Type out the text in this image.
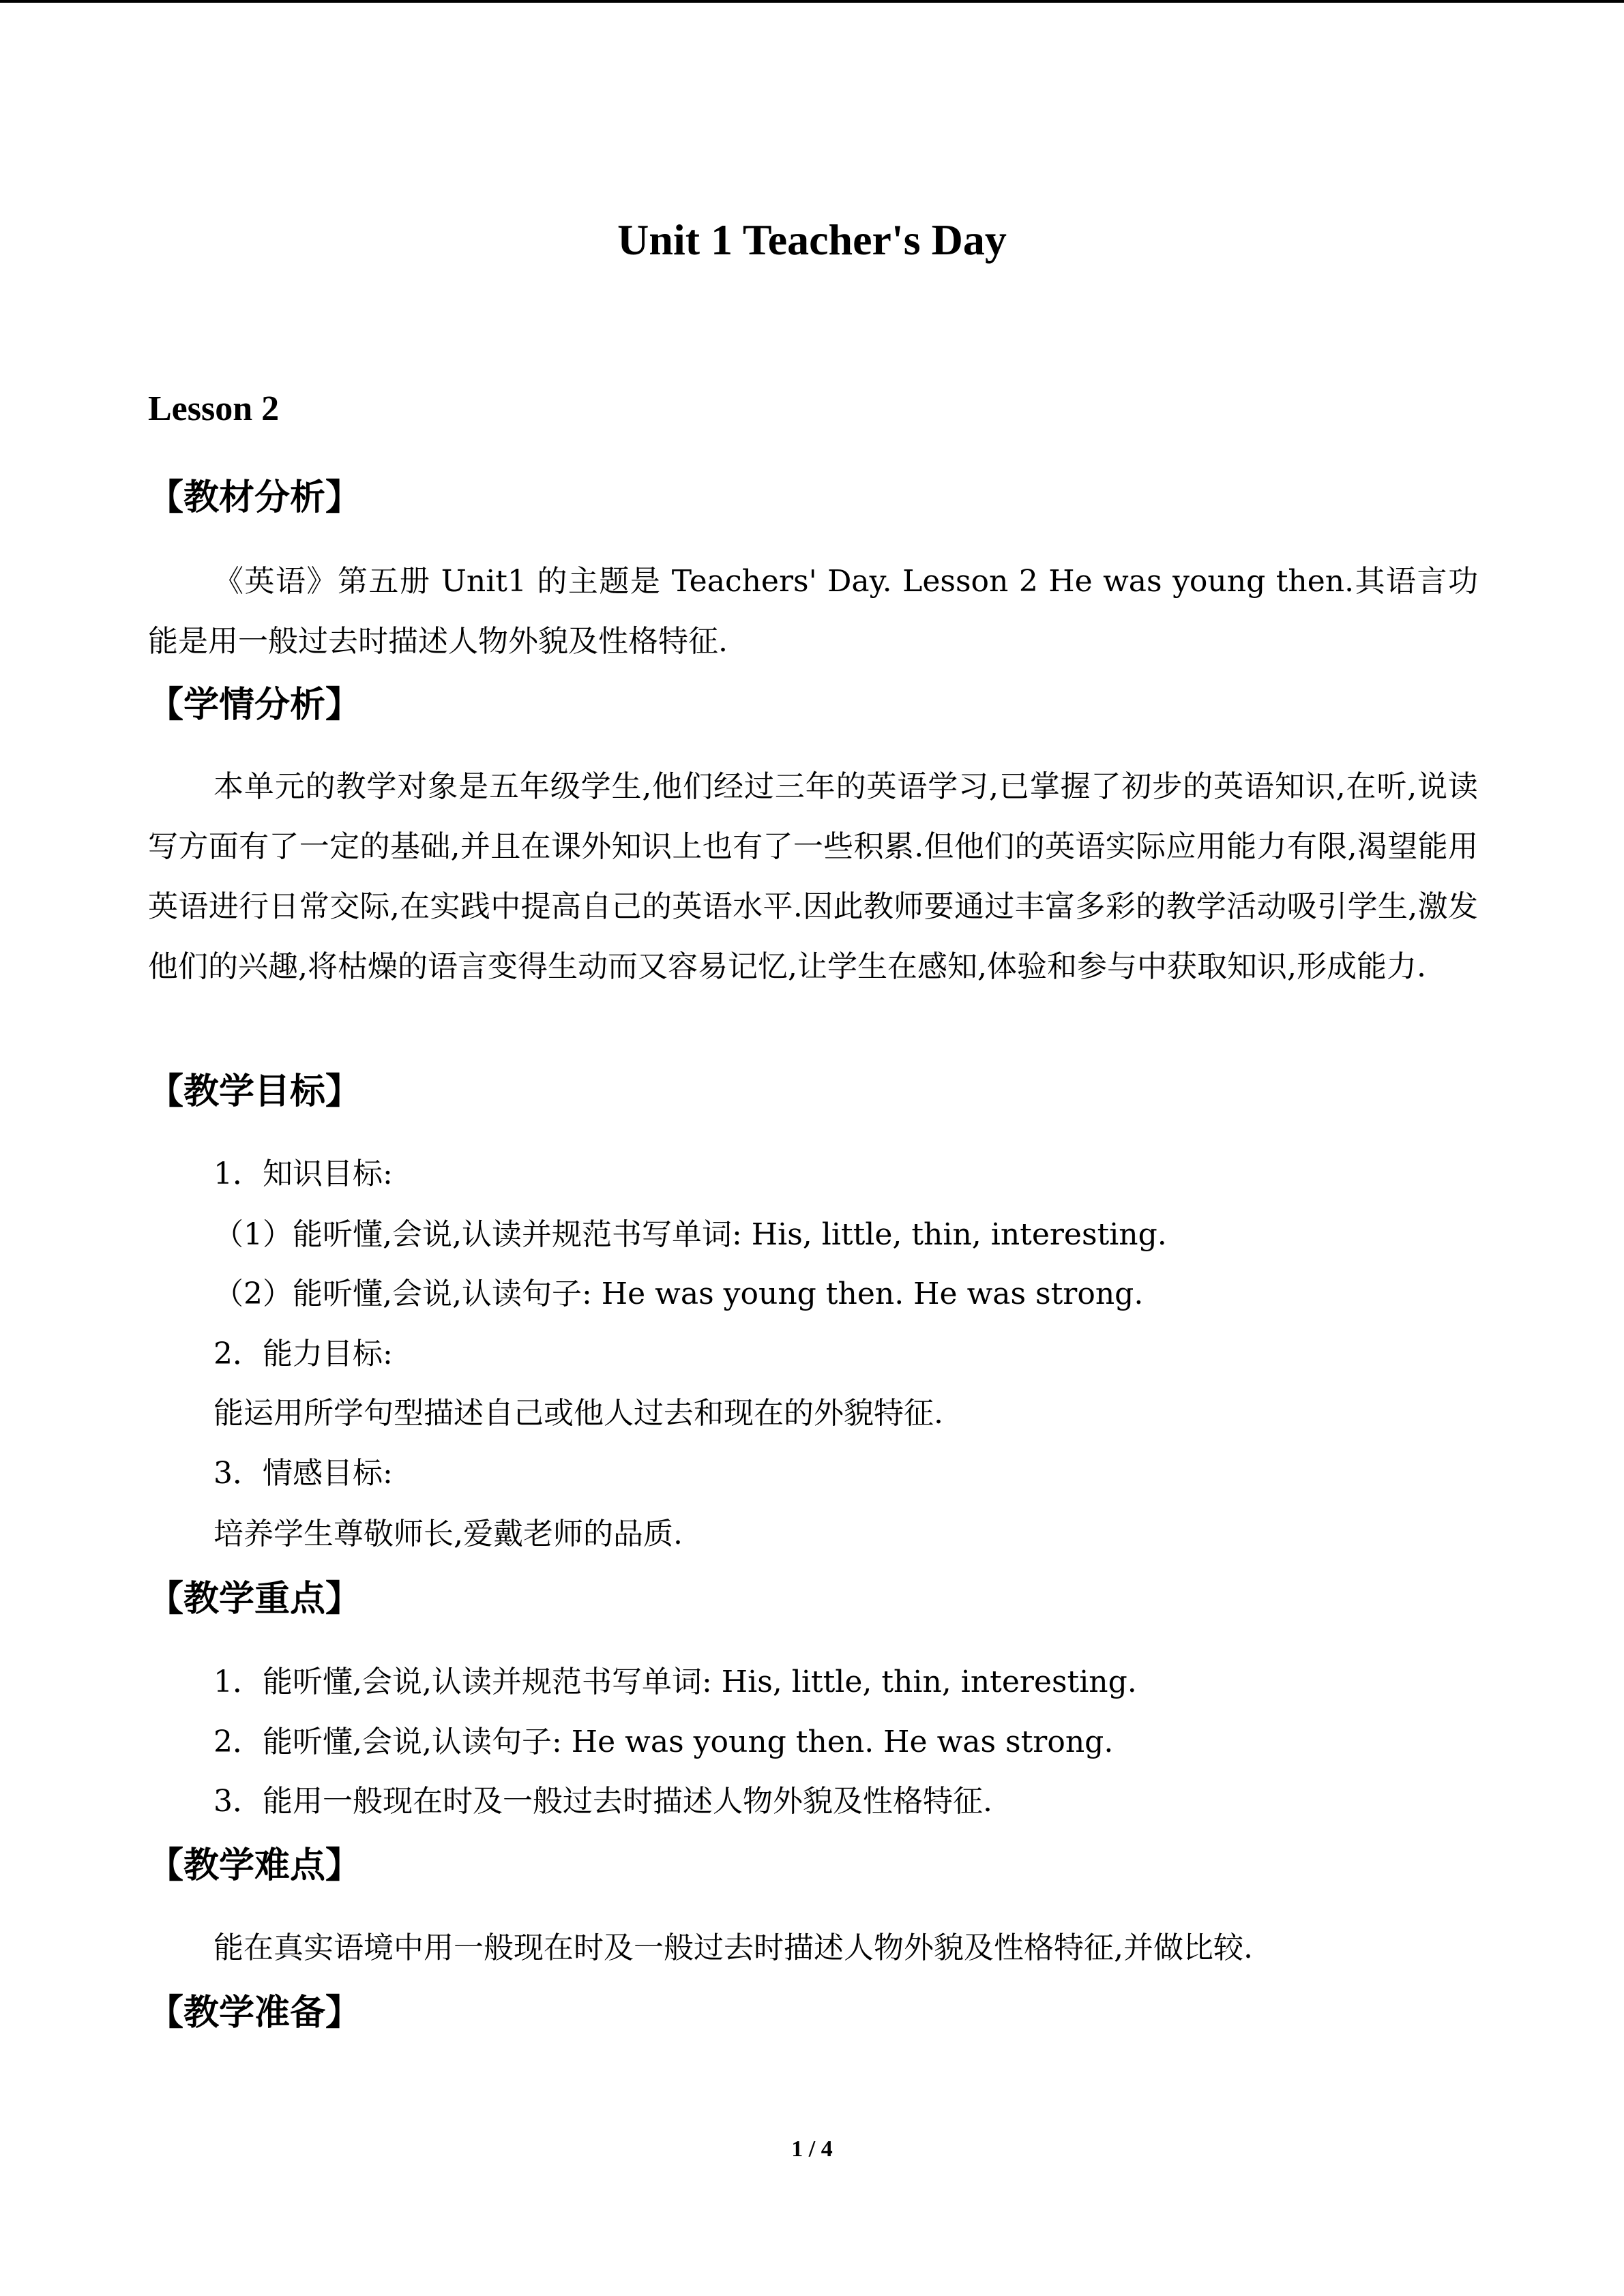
Unit 1 Teacher's Day
Lesson 2
【教材分析】
《英语》第五册 Unit1 的主题是 Teachers' Day. Lesson 2 He was young then.其语言功能是用一般过去时描述人物外貌及性格特征.
【学情分析】
本单元的教学对象是五年级学生,他们经过三年的英语学习,已掌握了初步的英语知识,在听,说读写方面有了一定的基础,并且在课外知识上也有了一些积累.但他们的英语实际应用能力有限,渴望能用英语进行日常交际,在实践中提高自己的英语水平.因此教师要通过丰富多彩的教学活动吸引学生,激发他们的兴趣,将枯燥的语言变得生动而又容易记忆,让学生在感知,体验和参与中获取知识,形成能力.
【教学目标】
1．知识目标:
（1）能听懂,会说,认读并规范书写单词: His, little, thin, interesting.
（2）能听懂,会说,认读句子: He was young then. He was strong.
2．能力目标:
能运用所学句型描述自己或他人过去和现在的外貌特征.
3．情感目标:
培养学生尊敬师长,爱戴老师的品质.
【教学重点】
1．能听懂,会说,认读并规范书写单词: His, little, thin, interesting.
2．能听懂,会说,认读句子: He was young then. He was strong.
3．能用一般现在时及一般过去时描述人物外貌及性格特征.
【教学难点】
能在真实语境中用一般现在时及一般过去时描述人物外貌及性格特征,并做比较.
【教学准备】
1 / 4
